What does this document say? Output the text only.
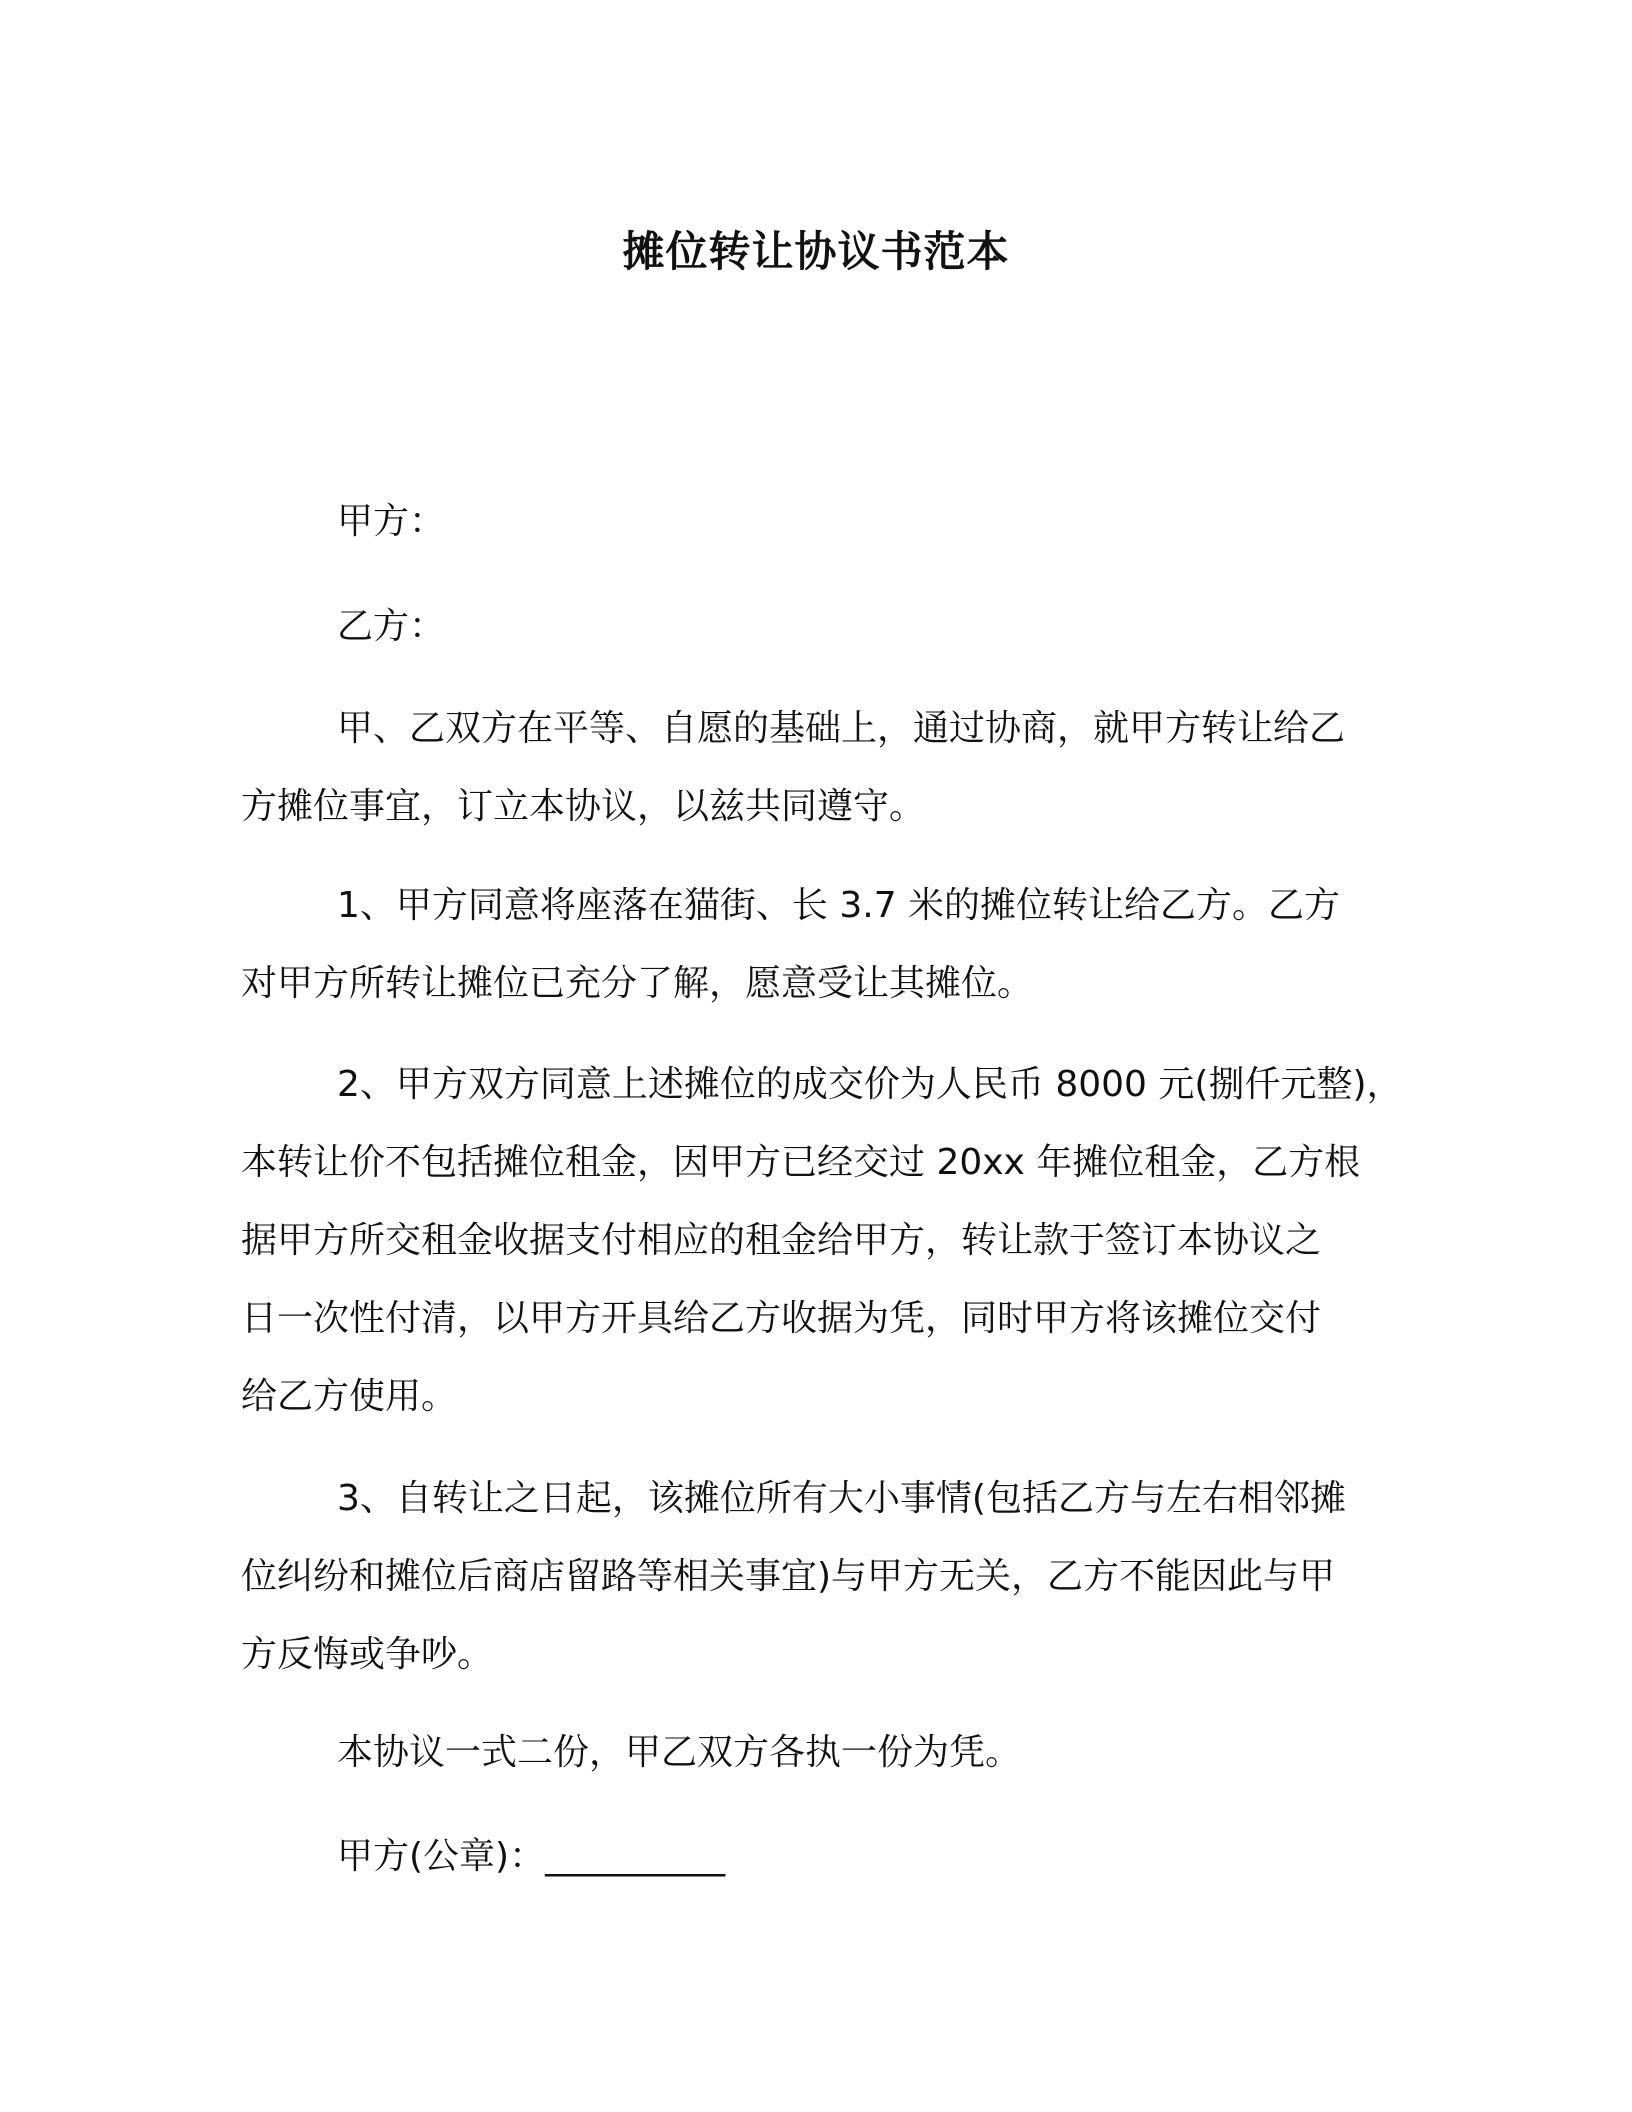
摊位转让协议书范本
甲方：
乙方：
甲、乙双方在平等、自愿的基础上，通过协商，就甲方转让给乙
方摊位事宜，订立本协议，以兹共同遵守。
1、甲方同意将座落在猫街、长 3.7 米的摊位转让给乙方。乙方
对甲方所转让摊位已充分了解，愿意受让其摊位。
2、甲方双方同意上述摊位的成交价为人民币 8000 元(捌仟元整)，
本转让价不包括摊位租金，因甲方已经交过 20xx 年摊位租金，乙方根
据甲方所交租金收据支付相应的租金给甲方，转让款于签订本协议之
日一次性付清，以甲方开具给乙方收据为凭，同时甲方将该摊位交付
给乙方使用。
3、自转让之日起，该摊位所有大小事情(包括乙方与左右相邻摊
位纠纷和摊位后商店留路等相关事宜)与甲方无关，乙方不能因此与甲
方反悔或争吵。
本协议一式二份，甲乙双方各执一份为凭。
甲方(公章)：__________
